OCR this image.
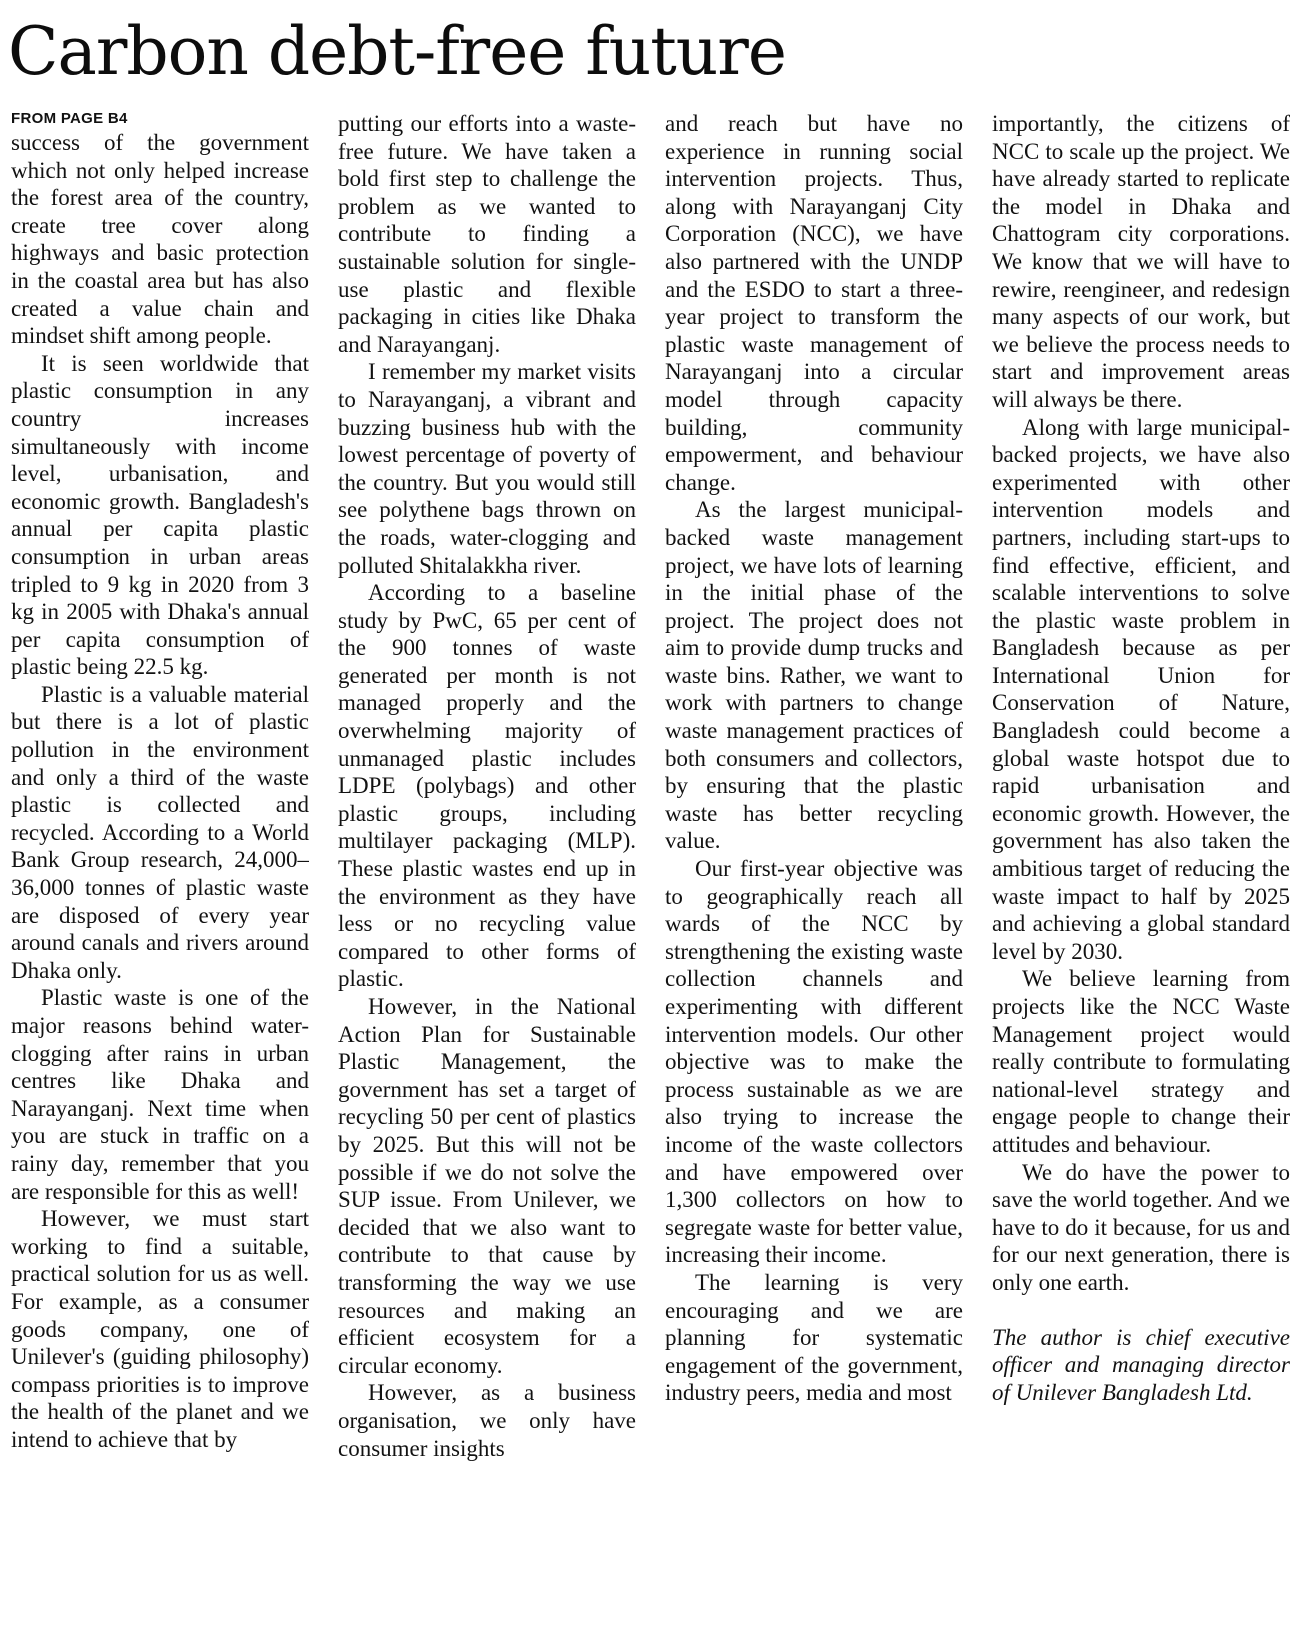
Carbon debt-free future
FROM PAGE B4

success of the government which not only helped increase the forest area of the country, create tree cover along highways and basic protection in the coastal area but has also created a value chain and mindset shift among people.

It is seen worldwide that plastic consumption in any country increases simultaneously with income level, urbanisation, and economic growth. Bangladesh's annual per capita plastic consumption in urban areas tripled to 9 kg in 2020 from 3 kg in 2005 with Dhaka's annual per capita consumption of plastic being 22.5 kg.

Plastic is a valuable material but there is a lot of plastic pollution in the environment and only a third of the waste plastic is collected and recycled. According to a World Bank Group research, 24,000–36,000 tonnes of plastic waste are disposed of every year around canals and rivers around Dhaka only.

Plastic waste is one of the major reasons behind water-clogging after rains in urban centres like Dhaka and Narayanganj. Next time when you are stuck in traffic on a rainy day, remember that you are responsible for this as well!

However, we must start working to find a suitable, practical solution for us as well. For example, as a consumer goods company, one of Unilever's (guiding philosophy) compass priorities is to improve the health of the planet and we intend to achieve that by

putting our efforts into a waste-free future. We have taken a bold first step to challenge the problem as we wanted to contribute to finding a sustainable solution for single-use plastic and flexible packaging in cities like Dhaka and Narayanganj.

I remember my market visits to Narayanganj, a vibrant and buzzing business hub with the lowest percentage of poverty of the country. But you would still see polythene bags thrown on the roads, water-clogging and polluted Shitalakkha river.

According to a baseline study by PwC, 65 per cent of the 900 tonnes of waste generated per month is not managed properly and the overwhelming majority of unmanaged plastic includes LDPE (polybags) and other plastic groups, including multilayer packaging (MLP). These plastic wastes end up in the environment as they have less or no recycling value compared to other forms of plastic.

However, in the National Action Plan for Sustainable Plastic Management, the government has set a target of recycling 50 per cent of plastics by 2025. But this will not be possible if we do not solve the SUP issue. From Unilever, we decided that we also want to contribute to that cause by transforming the way we use resources and making an efficient ecosystem for a circular economy.

However, as a business organisation, we only have consumer insights

and reach but have no experience in running social intervention projects. Thus, along with Narayanganj City Corporation (NCC), we have also partnered with the UNDP and the ESDO to start a three-year project to transform the plastic waste management of Narayanganj into a circular model through capacity building, community empowerment, and behaviour change.

As the largest municipal-backed waste management project, we have lots of learning in the initial phase of the project. The project does not aim to provide dump trucks and waste bins. Rather, we want to work with partners to change waste management practices of both consumers and collectors, by ensuring that the plastic waste has better recycling value.

Our first-year objective was to geographically reach all wards of the NCC by strengthening the existing waste collection channels and experimenting with different intervention models. Our other objective was to make the process sustainable as we are also trying to increase the income of the waste collectors and have empowered over 1,300 collectors on how to segregate waste for better value, increasing their income.

The learning is very encouraging and we are planning for systematic engagement of the government, industry peers, media and most

importantly, the citizens of NCC to scale up the project. We have already started to replicate the model in Dhaka and Chattogram city corporations. We know that we will have to rewire, reengineer, and redesign many aspects of our work, but we believe the process needs to start and improvement areas will always be there.

Along with large municipal-backed projects, we have also experimented with other intervention models and partners, including start-ups to find effective, efficient, and scalable interventions to solve the plastic waste problem in Bangladesh because as per International Union for Conservation of Nature, Bangladesh could become a global waste hotspot due to rapid urbanisation and economic growth. However, the government has also taken the ambitious target of reducing the waste impact to half by 2025 and achieving a global standard level by 2030.

We believe learning from projects like the NCC Waste Management project would really contribute to formulating national-level strategy and engage people to change their attitudes and behaviour.

We do have the power to save the world together. And we have to do it because, for us and for our next generation, there is only one earth.

The author is chief executive officer and managing director of Unilever Bangladesh Ltd.
